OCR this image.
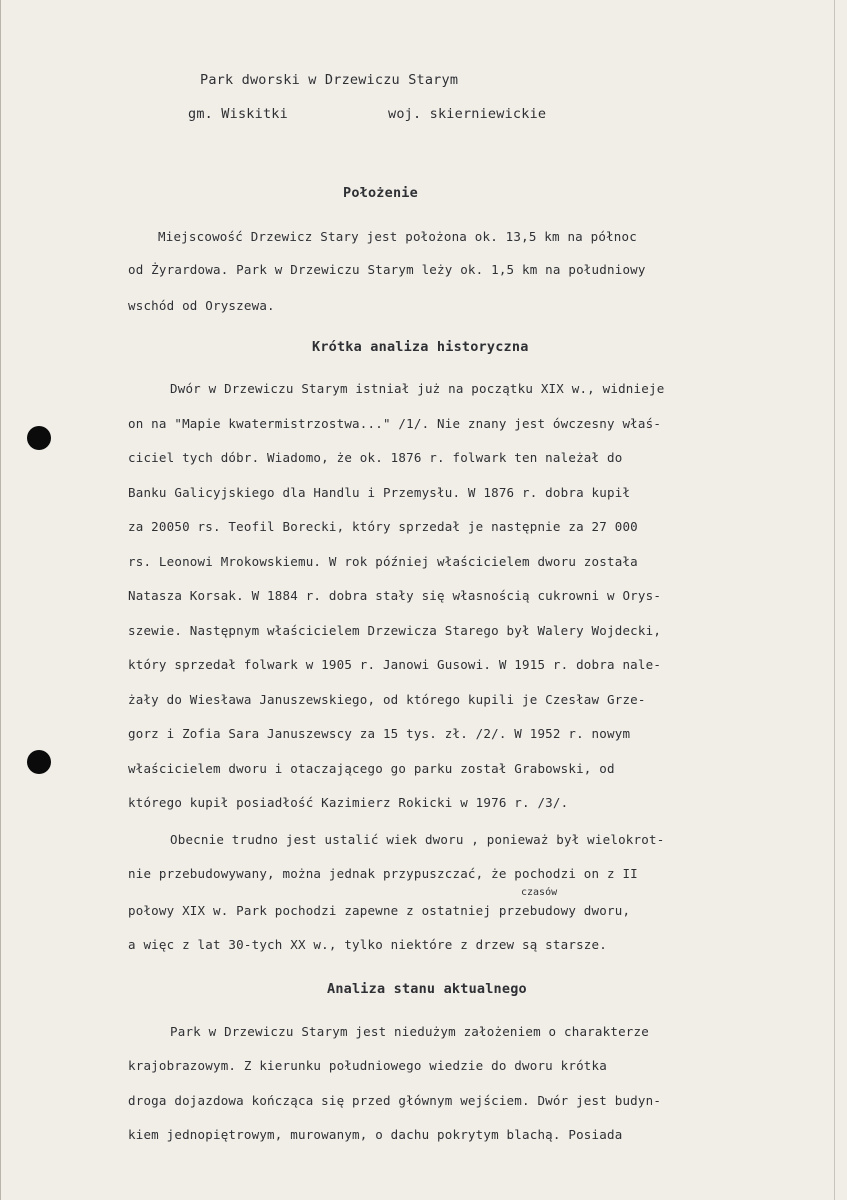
Park dworski w Drzewiczu Starym
gm. Wiskitki	woj. skierniewickie
Położenie
Miejscowość Drzewicz Stary jest położona ok. 13,5 km na północ
od Żyrardowa. Park w Drzewiczu Starym leży ok. 1,5 km na południowy
wschód od Oryszewa.
Krótka analiza historyczna
Dwór w Drzewiczu Starym istniał już na początku XIX w., widnieje
on na "Mapie kwatermistrzostwa..." /1/. Nie znany jest ówczesny właś-
ciciel tych dóbr. Wiadomo, że ok. 1876 r. folwark ten należał do
Banku Galicyjskiego dla Handlu i Przemysłu. W 1876 r. dobra kupił
za 20050 rs. Teofil Borecki, który sprzedał je następnie za 27 000
rs. Leonowi Mrokowskiemu. W rok później właścicielem dworu została
Natasza Korsak. W 1884 r. dobra stały się własnością cukrowni w Orys-
szewie. Następnym właścicielem Drzewicza Starego był Walery Wojdecki,
który sprzedał folwark w 1905 r. Janowi Gusowi. W 1915 r. dobra nale-
żały do Wiesława Januszewskiego, od którego kupili je Czesław Grze-
gorz i Zofia Sara Januszewscy za 15 tys. zł. /2/. W 1952 r. nowym
właścicielem dworu i otaczającego go parku został Grabowski, od
którego kupił posiadłość Kazimierz Rokicki w 1976 r. /3/.
Obecnie trudno jest ustalić wiek dworu , ponieważ był wielokrot-
nie przebudowywany, można jednak przypuszczać, że pochodzi on z II
czasów
połowy XIX w. Park pochodzi zapewne z ostatniej przebudowy dworu,
a więc z lat 30-tych XX w., tylko niektóre z drzew są starsze.
Analiza stanu aktualnego
Park w Drzewiczu Starym jest niedużym założeniem o charakterze
krajobrazowym. Z kierunku południowego wiedzie do dworu krótka
droga dojazdowa kończąca się przed głównym wejściem. Dwór jest budyn-
kiem jednopiętrowym, murowanym, o dachu pokrytym blachą. Posiada
